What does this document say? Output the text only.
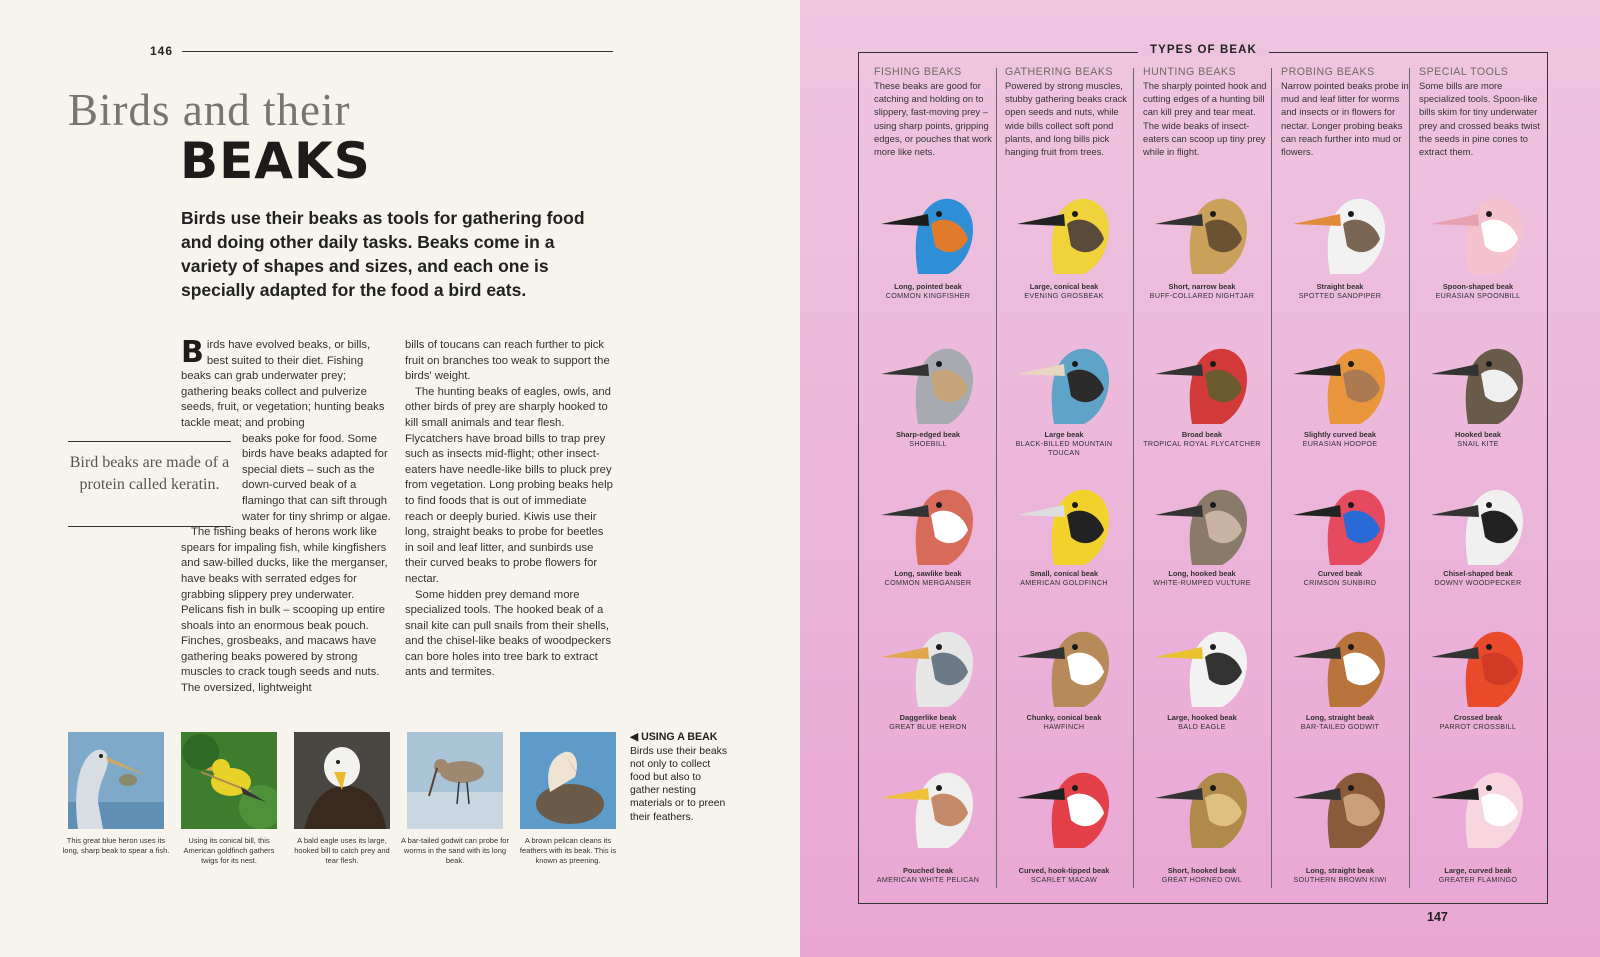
146
Birds and their
BEAKS
Birds use their beaks as tools for gathering food and doing other daily tasks. Beaks come in a variety of shapes and sizes, and each one is specially adapted for the food a bird eats.

Birds have evolved beaks, or bills, best suited to their diet. Fishing beaks can grab underwater prey; gathering beaks collect and pulverize seeds, fruit, or vegetation; hunting beaks tackle meat; and probing

beaks poke for food. Some birds have beaks adapted for special diets – such as the down-curved beak of a flamingo that can sift through water for tiny shrimp or algae.

The fishing beaks of herons work like spears for impaling fish, while kingfishers and saw-billed ducks, like the merganser, have beaks with serrated edges for grabbing slippery prey underwater. Pelicans fish in bulk – scooping up entire shoals into an enormous beak pouch. Finches, grosbeaks, and macaws have gathering beaks powered by strong muscles to crack tough seeds and nuts. The oversized, lightweight

bills of toucans can reach further to pick fruit on branches too weak to support the birds' weight.

The hunting beaks of eagles, owls, and other birds of prey are sharply hooked to kill small animals and tear flesh. Flycatchers have broad bills to trap prey such as insects mid-flight; other insect-eaters have needle-like bills to pluck prey from vegetation. Long probing beaks help to find foods that is out of immediate reach or deeply buried. Kiwis use their long, straight beaks to probe for beetles in soil and leaf litter, and sunbirds use their curved beaks to probe flowers for nectar.

Some hidden prey demand more specialized tools. The hooked beak of a snail kite can pull snails from their shells, and the chisel-like beaks of woodpeckers can bore holes into tree bark to extract ants and termites.

Bird beaks are made of a protein called keratin.
This great blue heron uses its long, sharp beak to spear a fish.
Using its conical bill, this American goldfinch gathers twigs for its nest.
A bald eagle uses its large, hooked bill to catch prey and tear flesh.
A bar-tailed godwit can probe for worms in the sand with its long beak.
A brown pelican cleans its feathers with its beak. This is known as preening.
◀ USING A BEAK
Birds use their beaks not only to collect food but also to gather nesting materials or to preen their feathers.
TYPES OF BEAK
FISHING BEAKS
These beaks are good for catching and holding on to slippery, fast-moving prey – using sharp points, gripping edges, or pouches that work more like nets.
GATHERING BEAKS
Powered by strong muscles, stubby gathering beaks crack open seeds and nuts, while wide bills collect soft pond plants, and long bills pick hanging fruit from trees.
HUNTING BEAKS
The sharply pointed hook and cutting edges of a hunting bill can kill prey and tear meat. The wide beaks of insect-eaters can scoop up tiny prey while in flight.
PROBING BEAKS
Narrow pointed beaks probe in mud and leaf litter for worms and insects or in flowers for nectar. Longer probing beaks can reach further into mud or flowers.
SPECIAL TOOLS
Some bills are more specialized tools. Spoon-like bills skim for tiny underwater prey and crossed beaks twist the seeds in pine cones to extract them.
Long, pointed beak
COMMON KINGFISHER
Sharp-edged beak
SHOEBILL
Long, sawlike beak
COMMON MERGANSER
Daggerlike beak
GREAT BLUE HERON
Pouched beak
AMERICAN WHITE PELICAN
Large, conical beak
EVENING GROSBEAK
Large beak
BLACK-BILLED MOUNTAIN TOUCAN
Small, conical beak
AMERICAN GOLDFINCH
Chunky, conical beak
HAWFINCH
Curved, hook-tipped beak
SCARLET MACAW
Short, narrow beak
BUFF-COLLARED NIGHTJAR
Broad beak
TROPICAL ROYAL FLYCATCHER
Long, hooked beak
WHITE-RUMPED VULTURE
Large, hooked beak
BALD EAGLE
Short, hooked beak
GREAT HORNED OWL
Straight beak
SPOTTED SANDPIPER
Slightly curved beak
EURASIAN HOOPOE
Curved beak
CRIMSON SUNBIRD
Long, straight beak
BAR-TAILED GODWIT
Long, straight beak
SOUTHERN BROWN KIWI
Spoon-shaped beak
EURASIAN SPOONBILL
Hooked beak
SNAIL KITE
Chisel-shaped beak
DOWNY WOODPECKER
Crossed beak
PARROT CROSSBILL
Large, curved beak
GREATER FLAMINGO
147
